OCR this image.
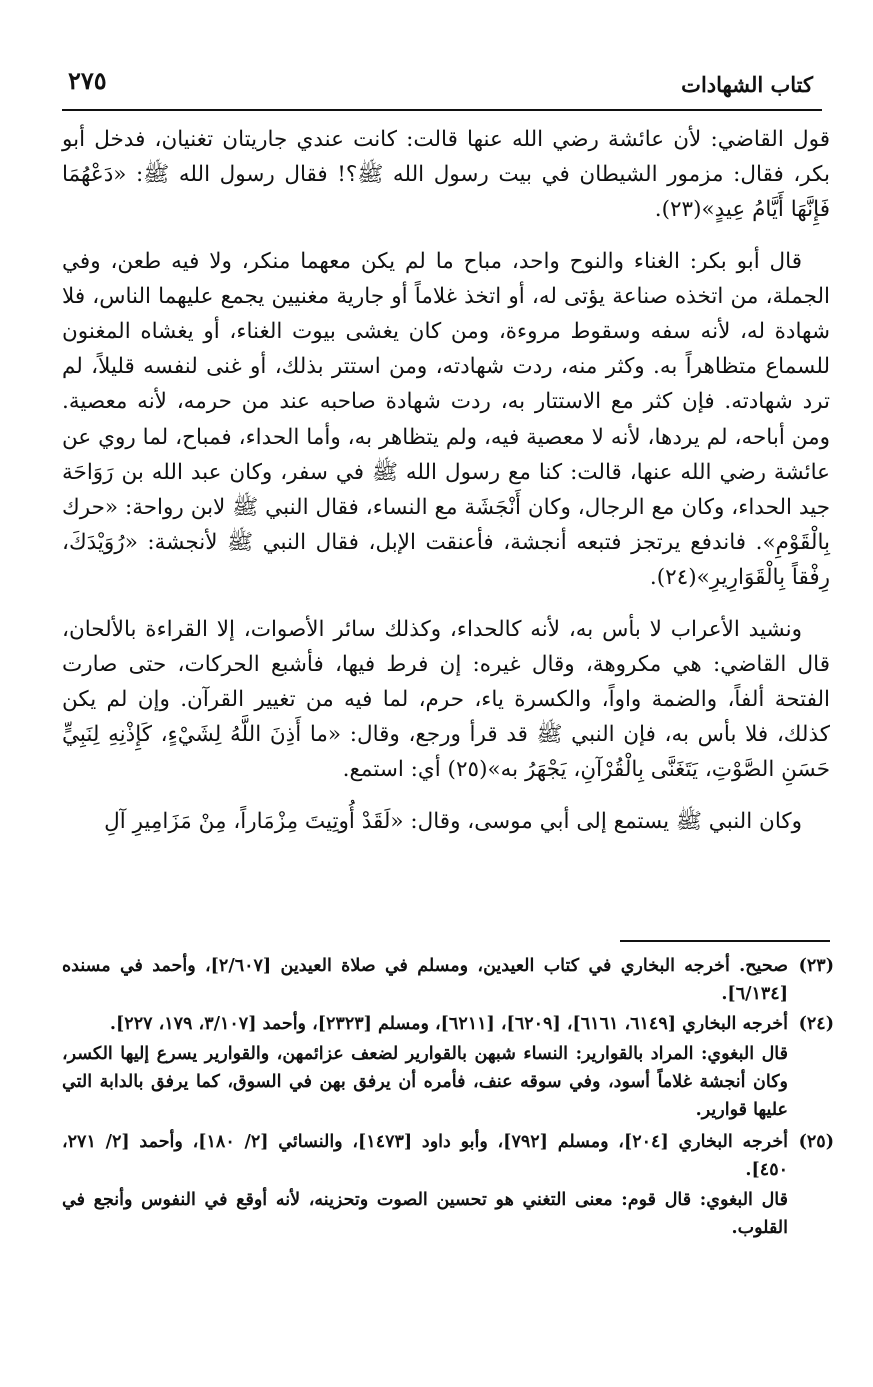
كتاب الشهادات
٢٧٥

قول القاضي: لأن عائشة رضي الله عنها قالت: كانت عندي جاريتان تغنيان، فدخل أبو بكر، فقال: مزمور الشيطان في بيت رسول الله ﷺ؟! فقال رسول الله ﷺ: «دَعْهُمَا فَإِنَّهَا أَيَّامُ عِيدٍ»(٢٣).

قال أبو بكر: الغناء والنوح واحد، مباح ما لم يكن معهما منكر، ولا فيه طعن، وفي الجملة، من اتخذه صناعة يؤتى له، أو اتخذ غلاماً أو جارية مغنيين يجمع عليهما الناس، فلا شهادة له، لأنه سفه وسقوط مروءة، ومن كان يغشى بيوت الغناء، أو يغشاه المغنون للسماع متظاهراً به. وكثر منه، ردت شهادته، ومن استتر بذلك، أو غنى لنفسه قليلاً، لم ترد شهادته. فإن كثر مع الاستتار به، ردت شهادة صاحبه عند من حرمه، لأنه معصية. ومن أباحه، لم يردها، لأنه لا معصية فيه، ولم يتظاهر به، وأما الحداء، فمباح، لما روي عن عائشة رضي الله عنها، قالت: كنا مع رسول الله ﷺ في سفر، وكان عبد الله بن رَوَاحَة جيد الحداء، وكان مع الرجال، وكان أَنْجَشَة مع النساء، فقال النبي ﷺ لابن رواحة: «حرك بِالْقَوْمِ». فاندفع يرتجز فتبعه أنجشة، فأعنقت الإبل، فقال النبي ﷺ لأنجشة: «رُوَيْدَكَ، رِفْقاً بِالْقَوَارِيرِ»(٢٤).

ونشيد الأعراب لا بأس به، لأنه كالحداء، وكذلك سائر الأصوات، إلا القراءة بالألحان، قال القاضي: هي مكروهة، وقال غيره: إن فرط فيها، فأشبع الحركات، حتى صارت الفتحة ألفاً، والضمة واواً، والكسرة ياء، حرم، لما فيه من تغيير القرآن. وإن لم يكن كذلك، فلا بأس به، فإن النبي ﷺ قد قرأ ورجع، وقال: «ما أَذِنَ اللَّهُ لِشَيْءٍ، كَإِذْنِهِ لِنَبِيٍّ حَسَنِ الصَّوْتِ، يَتَغَنَّى بِالْقُرْآنِ، يَجْهَرُ به»(٢٥) أي: استمع.

وكان النبي ﷺ يستمع إلى أبي موسى، وقال: «لَقَدْ أُوتِيتَ مِزْمَاراً، مِنْ مَزَامِيرِ آلِ

(٢٣)
صحيح. أخرجه البخاري في كتاب العيدين، ومسلم في صلاة العيدين [٢/٦٠٧]، وأحمد في مسنده [٦/١٣٤].
(٢٤)
أخرجه البخاري [٦١٤٩، ٦١٦١]، [٦٢٠٩]، [٦٢١١]، ومسلم [٢٣٢٣]، وأحمد [٣/١٠٧، ١٧٩، ٢٢٧].
قال البغوي: المراد بالقوارير: النساء شبهن بالقوارير لضعف عزائمهن، والقوارير يسرع إليها الكسر، وكان أنجشة غلاماً أسود، وفي سوقه عنف، فأمره أن يرفق بهن في السوق، كما يرفق بالدابة التي عليها قوارير.
(٢٥)
أخرجه البخاري [٢٠٤]، ومسلم [٧٩٢]، وأبو داود [١٤٧٣]، والنسائي [٢/ ١٨٠]، وأحمد [٢/ ٢٧١، ٤٥٠].
قال البغوي: قال قوم: معنى التغني هو تحسين الصوت وتحزينه، لأنه أوقع في النفوس وأنجع في القلوب.
